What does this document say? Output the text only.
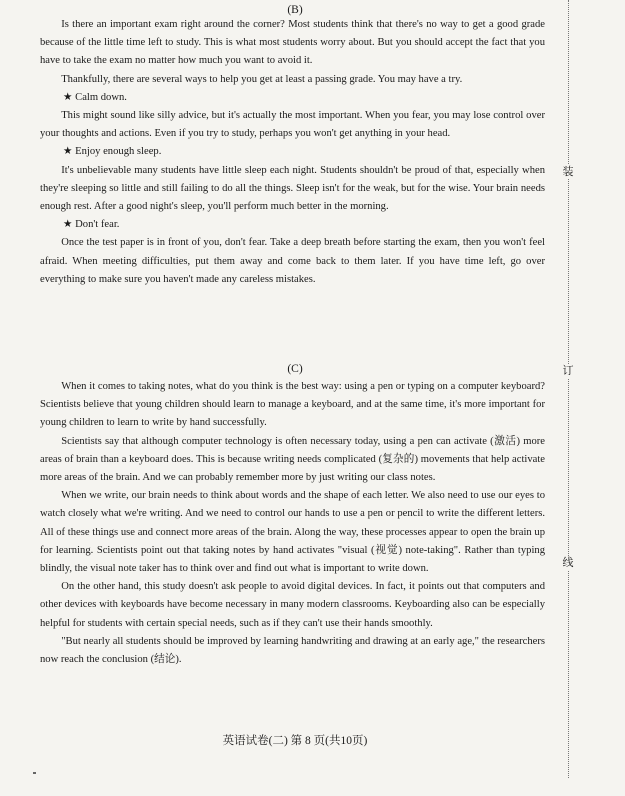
(B)

Is there an important exam right around the corner? Most students think that there's no way to get a good grade because of the little time left to study. This is what most students worry about. But you should accept the fact that you have to take the exam no matter how much you want to avoid it.

Thankfully, there are several ways to help you get at least a passing grade. You may have a try.

★ Calm down.

This might sound like silly advice, but it's actually the most important. When you fear, you may lose control over your thoughts and actions. Even if you try to study, perhaps you won't get anything in your head.

★ Enjoy enough sleep.

It's unbelievable many students have little sleep each night. Students shouldn't be proud of that, especially when they're sleeping so little and still failing to do all the things. Sleep isn't for the weak, but for the wise. Your brain needs enough rest. After a good night's sleep, you'll perform much better in the morning.

★ Don't fear.

Once the test paper is in front of you, don't fear. Take a deep breath before starting the exam, then you won't feel afraid. When meeting difficulties, put them away and come back to them later. If you have time left, go over everything to make sure you haven't made any careless mistakes.

(C)

When it comes to taking notes, what do you think is the best way: using a pen or typing on a computer keyboard? Scientists believe that young children should learn to manage a keyboard, and at the same time, it's more important for young children to learn to write by hand successfully.

Scientists say that although computer technology is often necessary today, using a pen can activate (激活) more areas of brain than a keyboard does. This is because writing needs complicated (复杂的) movements that help activate more areas of the brain. And we can probably remember more by just writing our class notes.

When we write, our brain needs to think about words and the shape of each letter. We also need to use our eyes to watch closely what we're writing. And we need to control our hands to use a pen or pencil to write the different letters. All of these things use and connect more areas of the brain. Along the way, these processes appear to open the brain up for learning. Scientists point out that taking notes by hand activates "visual (视觉) note-taking". Rather than typing blindly, the visual note taker has to think over and find out what is important to write down.

On the other hand, this study doesn't ask people to avoid digital devices. In fact, it points out that computers and other devices with keyboards have become necessary in many modern classrooms. Keyboarding also can be especially helpful for students with certain special needs, such as if they can't use their hands smoothly.

"But nearly all students should be improved by learning handwriting and drawing at an early age," the researchers now reach the conclusion (结论).

英语试卷(二) 第 8 页(共10页)
装
订
线
